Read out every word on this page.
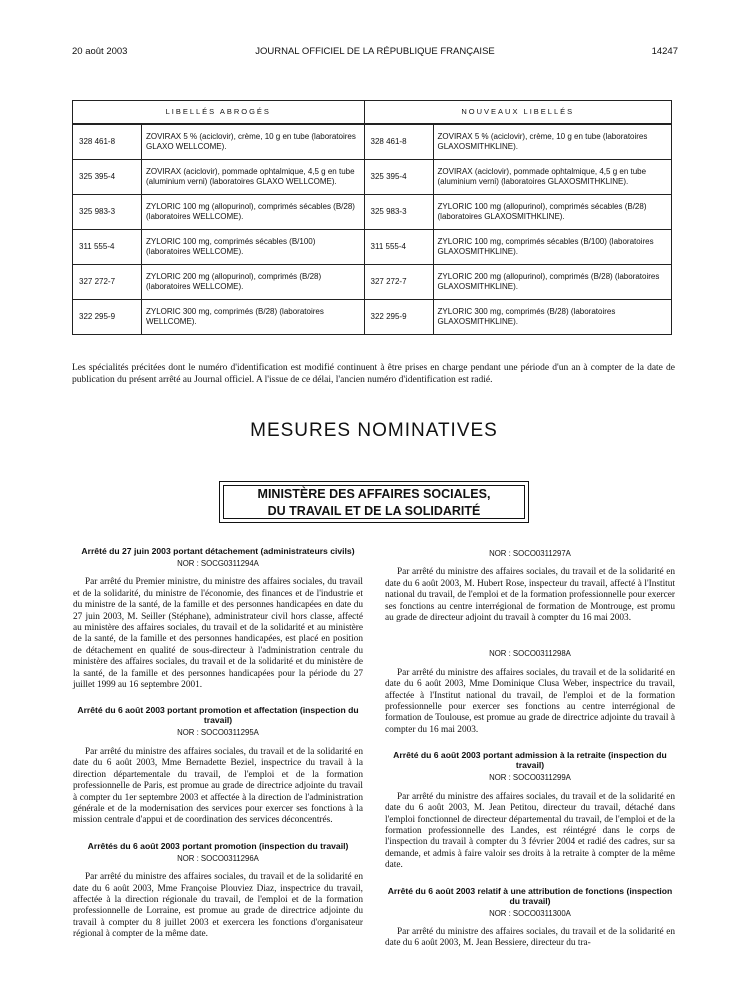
20 août 2003	JOURNAL OFFICIEL DE LA RÉPUBLIQUE FRANÇAISE	14247
LIBELLÉS ABROGÉS		NOUVEAUX LIBELLÉS	
328 461-8	ZOVIRAX 5 % (aciclovir), crème, 10 g en tube (laboratoires GLAXO WELLCOME).	328 461-8	ZOVIRAX 5 % (aciclovir), crème, 10 g en tube (laboratoires GLAXOSMITHKLINE).
325 395-4	ZOVIRAX (aciclovir), pommade ophtalmique, 4,5 g en tube (aluminium verni) (laboratoires GLAXO WELLCOME).	325 395-4	ZOVIRAX (aciclovir), pommade ophtalmique, 4,5 g en tube (aluminium verni) (laboratoires GLAXOSMITHKLINE).
325 983-3	ZYLORIC 100 mg (allopurinol), comprimés sécables (B/28) (laboratoires WELLCOME).	325 983-3	ZYLORIC 100 mg (allopurinol), comprimés sécables (B/28) (laboratoires GLAXOSMITHKLINE).
311 555-4	ZYLORIC 100 mg, comprimés sécables (B/100) (laboratoires WELLCOME).	311 555-4	ZYLORIC 100 mg, comprimés sécables (B/100) (laboratoires GLAXOSMITHKLINE).
327 272-7	ZYLORIC 200 mg (allopurinol), comprimés (B/28) (laboratoires WELLCOME).	327 272-7	ZYLORIC 200 mg (allopurinol), comprimés (B/28) (laboratoires GLAXOSMITHKLINE).
322 295-9	ZYLORIC 300 mg, comprimés (B/28) (laboratoires WELLCOME).	322 295-9	ZYLORIC 300 mg, comprimés (B/28) (laboratoires GLAXOSMITHKLINE).

Les spécialités précitées dont le numéro d'identification est modifié continuent à être prises en charge pendant une période d'un an à compter de la date de publication du présent arrêté au Journal officiel. A l'issue de ce délai, l'ancien numéro d'identification est radié.

MESURES NOMINATIVES
MINISTÈRE DES AFFAIRES SOCIALES,
DU TRAVAIL ET DE LA SOLIDARITÉ

Arrêté du 27 juin 2003 portant détachement (administrateurs civils)

NOR : SOCG0311294A

Par arrêté du Premier ministre, du ministre des affaires sociales, du travail et de la solidarité, du ministre de l'économie, des finances et de l'industrie et du ministre de la santé, de la famille et des personnes handicapées en date du 27 juin 2003, M. Seiller (Stéphane), administrateur civil hors classe, affecté au ministère des affaires sociales, du travail et de la solidarité et au ministère de la santé, de la famille et des personnes handicapées, est placé en position de détachement en qualité de sous-directeur à l'administration centrale du ministère des affaires sociales, du travail et de la solidarité et du ministère de la santé, de la famille et des personnes handicapées pour la période du 27 juillet 1999 au 16 septembre 2001.

Arrêté du 6 août 2003 portant promotion et affectation (inspection du travail)

NOR : SOCO0311295A

Par arrêté du ministre des affaires sociales, du travail et de la solidarité en date du 6 août 2003, Mme Bernadette Beziel, inspectrice du travail à la direction départementale du travail, de l'emploi et de la formation professionnelle de Paris, est promue au grade de directrice adjointe du travail à compter du 1er septembre 2003 et affectée à la direction de l'administration générale et de la modernisation des services pour exercer ses fonctions à la mission centrale d'appui et de coordination des services déconcentrés.

Arrêtés du 6 août 2003 portant promotion (inspection du travail)

NOR : SOCO0311296A

Par arrêté du ministre des affaires sociales, du travail et de la solidarité en date du 6 août 2003, Mme Françoise Plouviez Diaz, inspectrice du travail, affectée à la direction régionale du travail, de l'emploi et de la formation professionnelle de Lorraine, est promue au grade de directrice adjointe du travail à compter du 8 juillet 2003 et exercera les fonctions d'organisateur régional à compter de la même date.

NOR : SOCO0311297A

Par arrêté du ministre des affaires sociales, du travail et de la solidarité en date du 6 août 2003, M. Hubert Rose, inspecteur du travail, affecté à l'Institut national du travail, de l'emploi et de la formation professionnelle pour exercer ses fonctions au centre interrégional de formation de Montrouge, est promu au grade de directeur adjoint du travail à compter du 16 mai 2003.

NOR : SOCO0311298A

Par arrêté du ministre des affaires sociales, du travail et de la solidarité en date du 6 août 2003, Mme Dominique Clusa Weber, inspectrice du travail, affectée à l'Institut national du travail, de l'emploi et de la formation professionnelle pour exercer ses fonctions au centre interrégional de formation de Toulouse, est promue au grade de directrice adjointe du travail à compter du 16 mai 2003.

Arrêté du 6 août 2003 portant admission à la retraite (inspection du travail)

NOR : SOCO0311299A

Par arrêté du ministre des affaires sociales, du travail et de la solidarité en date du 6 août 2003, M. Jean Petitou, directeur du travail, détaché dans l'emploi fonctionnel de directeur départemental du travail, de l'emploi et de la formation professionnelle des Landes, est réintégré dans le corps de l'inspection du travail à compter du 3 février 2004 et radié des cadres, sur sa demande, et admis à faire valoir ses droits à la retraite à compter de la même date.

Arrêté du 6 août 2003 relatif à une attribution de fonctions (inspection du travail)

NOR : SOCO0311300A

Par arrêté du ministre des affaires sociales, du travail et de la solidarité en date du 6 août 2003, M. Jean Bessiere, directeur du tra-
